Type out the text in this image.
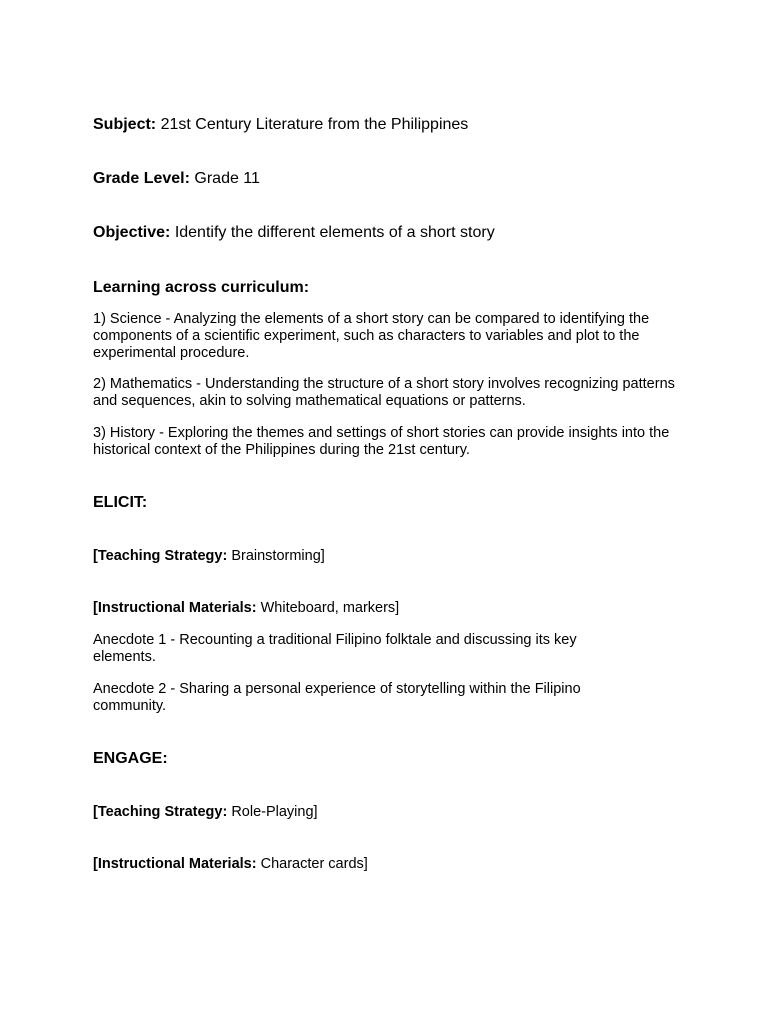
Subject: 21st Century Literature from the Philippines
Grade Level: Grade 11
Objective: Identify the different elements of a short story
Learning across curriculum:
1) Science - Analyzing the elements of a short story can be compared to identifying the components of a scientific experiment, such as characters to variables and plot to the experimental procedure.
2) Mathematics - Understanding the structure of a short story involves recognizing patterns and sequences, akin to solving mathematical equations or patterns.
3) History - Exploring the themes and settings of short stories can provide insights into the historical context of the Philippines during the 21st century.
ELICIT:
[Teaching Strategy: Brainstorming]
[Instructional Materials: Whiteboard, markers]
Anecdote 1 - Recounting a traditional Filipino folktale and discussing its key elements.
Anecdote 2 - Sharing a personal experience of storytelling within the Filipino community.
ENGAGE:
[Teaching Strategy: Role-Playing]
[Instructional Materials: Character cards]
